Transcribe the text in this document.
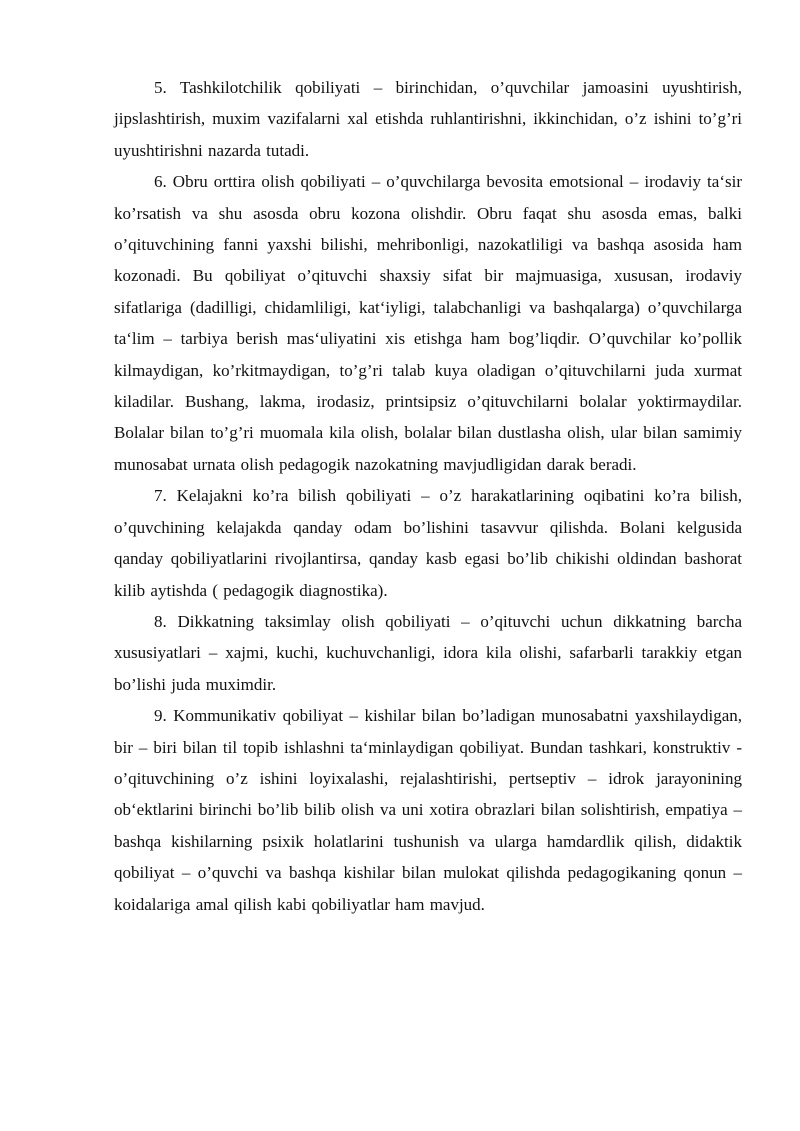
5. Tashkilotchilik qobiliyati – birinchidan, o’quvchilar jamoasini uyushtirish, jipslashtirish, muxim vazifalarni xal etishda ruhlantirishni, ikkinchidan, o’z ishini to’g’ri uyushtirishni nazarda tutadi.

6. Obru orttira olish qobiliyati – o’quvchilarga bevosita emotsional – irodaviy ta‘sir ko’rsatish va shu asosda obru kozona olishdir. Obru faqat shu asosda emas, balki o’qituvchining fanni yaxshi bilishi, mehribonligi, nazokatliligi va bashqa asosida ham kozonadi. Bu qobiliyat o’qituvchi shaxsiy sifat bir majmuasiga, xususan, irodaviy sifatlariga (dadilligi, chidamliligi, kat‘iyligi, talabchanligi va bashqalarga) o’quvchilarga ta‘lim – tarbiya berish mas‘uliyatini xis etishga ham bog’liqdir. O’quvchilar ko’pollik kilmaydigan, ko’rkitmaydigan, to’g’ri talab kuya oladigan o’qituvchilarni juda xurmat kiladilar. Bushang, lakma, irodasiz, printsipsiz o’qituvchilarni bolalar yoktirmaydilar. Bolalar bilan to’g’ri muomala kila olish, bolalar bilan dustlasha olish, ular bilan samimiy munosabat urnata olish pedagogik nazokatning mavjudligidan darak beradi.

7. Kelajakni ko’ra bilish qobiliyati – o’z harakatlarining oqibatini ko’ra bilish, o’quvchining kelajakda qanday odam bo’lishini tasavvur qilishda. Bolani kelgusida qanday qobiliyatlarini rivojlantirsa, qanday kasb egasi bo’lib chikishi oldindan bashorat kilib aytishda ( pedagogik diagnostika).

8. Dikkatning taksimlay olish qobiliyati – o’qituvchi uchun dikkatning barcha xususiyatlari – xajmi, kuchi, kuchuvchanligi, idora kila olishi, safarbarli tarakkiy etgan bo’lishi juda muximdir.

9. Kommunikativ qobiliyat – kishilar bilan bo’ladigan munosabatni yaxshilaydigan, bir – biri bilan til topib ishlashni ta‘minlaydigan qobiliyat. Bundan tashkari, konstruktiv - o’qituvchining o’z ishini loyixalashi, rejalashtirishi, pertseptiv – idrok jarayonining ob‘ektlarini birinchi bo’lib bilib olish va uni xotira obrazlari bilan solishtirish, empatiya – bashqa kishilarning psixik holatlarini tushunish va ularga hamdardlik qilish, didaktik qobiliyat – o’quvchi va bashqa kishilar bilan mulokat qilishda pedagogikaning qonun – koidalariga amal qilish kabi qobiliyatlar ham mavjud.
